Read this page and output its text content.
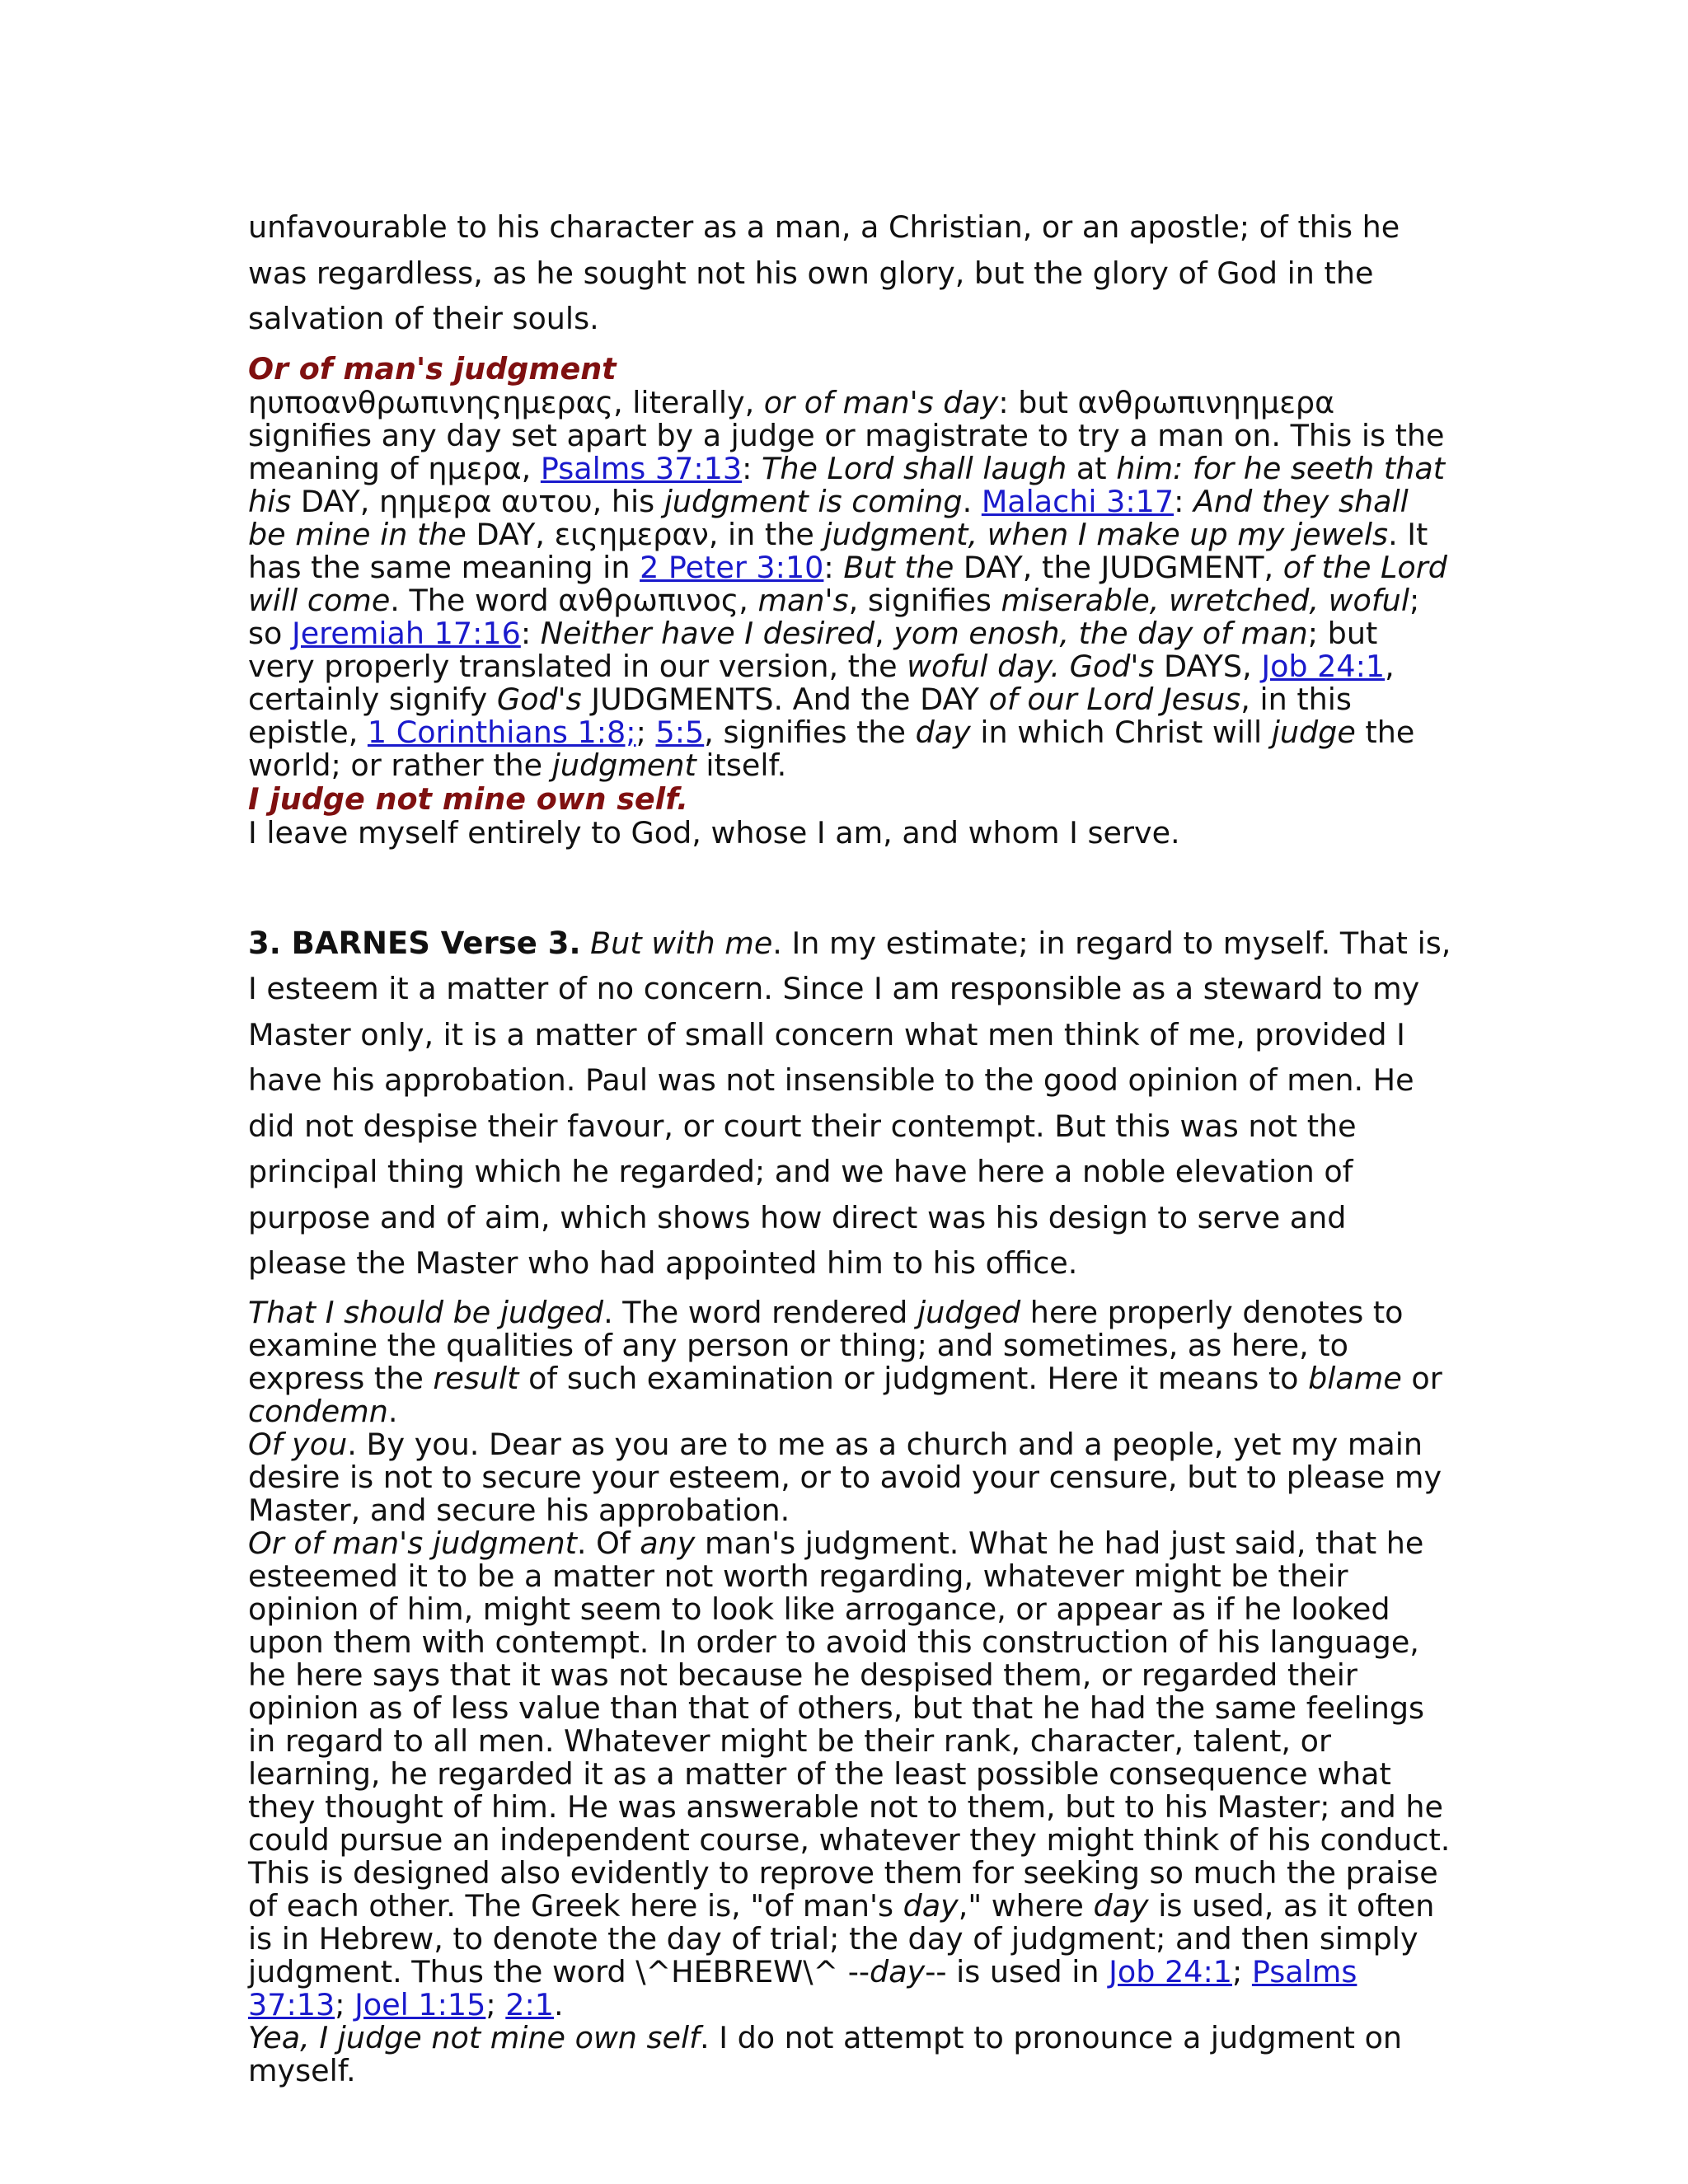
unfavourable to his character as a man, a Christian, or an apostle; of this he was regardless, as he sought not his own glory, but the glory of God in the salvation of their souls.

Or of man's judgment

ηυποανθρωπινηςημερας, literally, or of man's day: but ανθρωπινηημερα signifies any day set apart by a judge or magistrate to try a man on. This is the meaning of ημερα, Psalms 37:13: The Lord shall laugh at him: for he seeth that his DAY, ηημερα αυτου, his judgment is coming. Malachi 3:17: And they shall be mine in the DAY, ειςημεραν, in the judgment, when I make up my jewels. It has the same meaning in 2 Peter 3:10: But the DAY, the JUDGMENT, of the Lord will come. The word ανθρωπινος, man's, signifies miserable, wretched, woful; so Jeremiah 17:16: Neither have I desired, yom enosh, the day of man; but very properly translated in our version, the woful day. God's DAYS, Job 24:1, certainly signify God's JUDGMENTS. And the DAY of our Lord Jesus, in this epistle, 1 Corinthians 1:8;; 5:5, signifies the day in which Christ will judge the world; or rather the judgment itself.

I judge not mine own self.

I leave myself entirely to God, whose I am, and whom I serve.

3. BARNES Verse 3. But with me. In my estimate; in regard to myself. That is, I esteem it a matter of no concern. Since I am responsible as a steward to my Master only, it is a matter of small concern what men think of me, provided I have his approbation. Paul was not insensible to the good opinion of men. He did not despise their favour, or court their contempt. But this was not the principal thing which he regarded; and we have here a noble elevation of purpose and of aim, which shows how direct was his design to serve and please the Master who had appointed him to his office.

That I should be judged. The word rendered judged here properly denotes to examine the qualities of any person or thing; and sometimes, as here, to express the result of such examination or judgment. Here it means to blame or condemn.

Of you. By you. Dear as you are to me as a church and a people, yet my main desire is not to secure your esteem, or to avoid your censure, but to please my Master, and secure his approbation.

Or of man's judgment. Of any man's judgment. What he had just said, that he esteemed it to be a matter not worth regarding, whatever might be their opinion of him, might seem to look like arrogance, or appear as if he looked upon them with contempt. In order to avoid this construction of his language, he here says that it was not because he despised them, or regarded their opinion as of less value than that of others, but that he had the same feelings in regard to all men. Whatever might be their rank, character, talent, or learning, he regarded it as a matter of the least possible consequence what they thought of him. He was answerable not to them, but to his Master; and he could pursue an independent course, whatever they might think of his conduct. This is designed also evidently to reprove them for seeking so much the praise of each other. The Greek here is, "of man's day," where day is used, as it often is in Hebrew, to denote the day of trial; the day of judgment; and then simply judgment. Thus the word \^HEBREW\^ --day-- is used in Job 24:1; Psalms 37:13; Joel 1:15; 2:1.

Yea, I judge not mine own self. I do not attempt to pronounce a judgment on myself.
